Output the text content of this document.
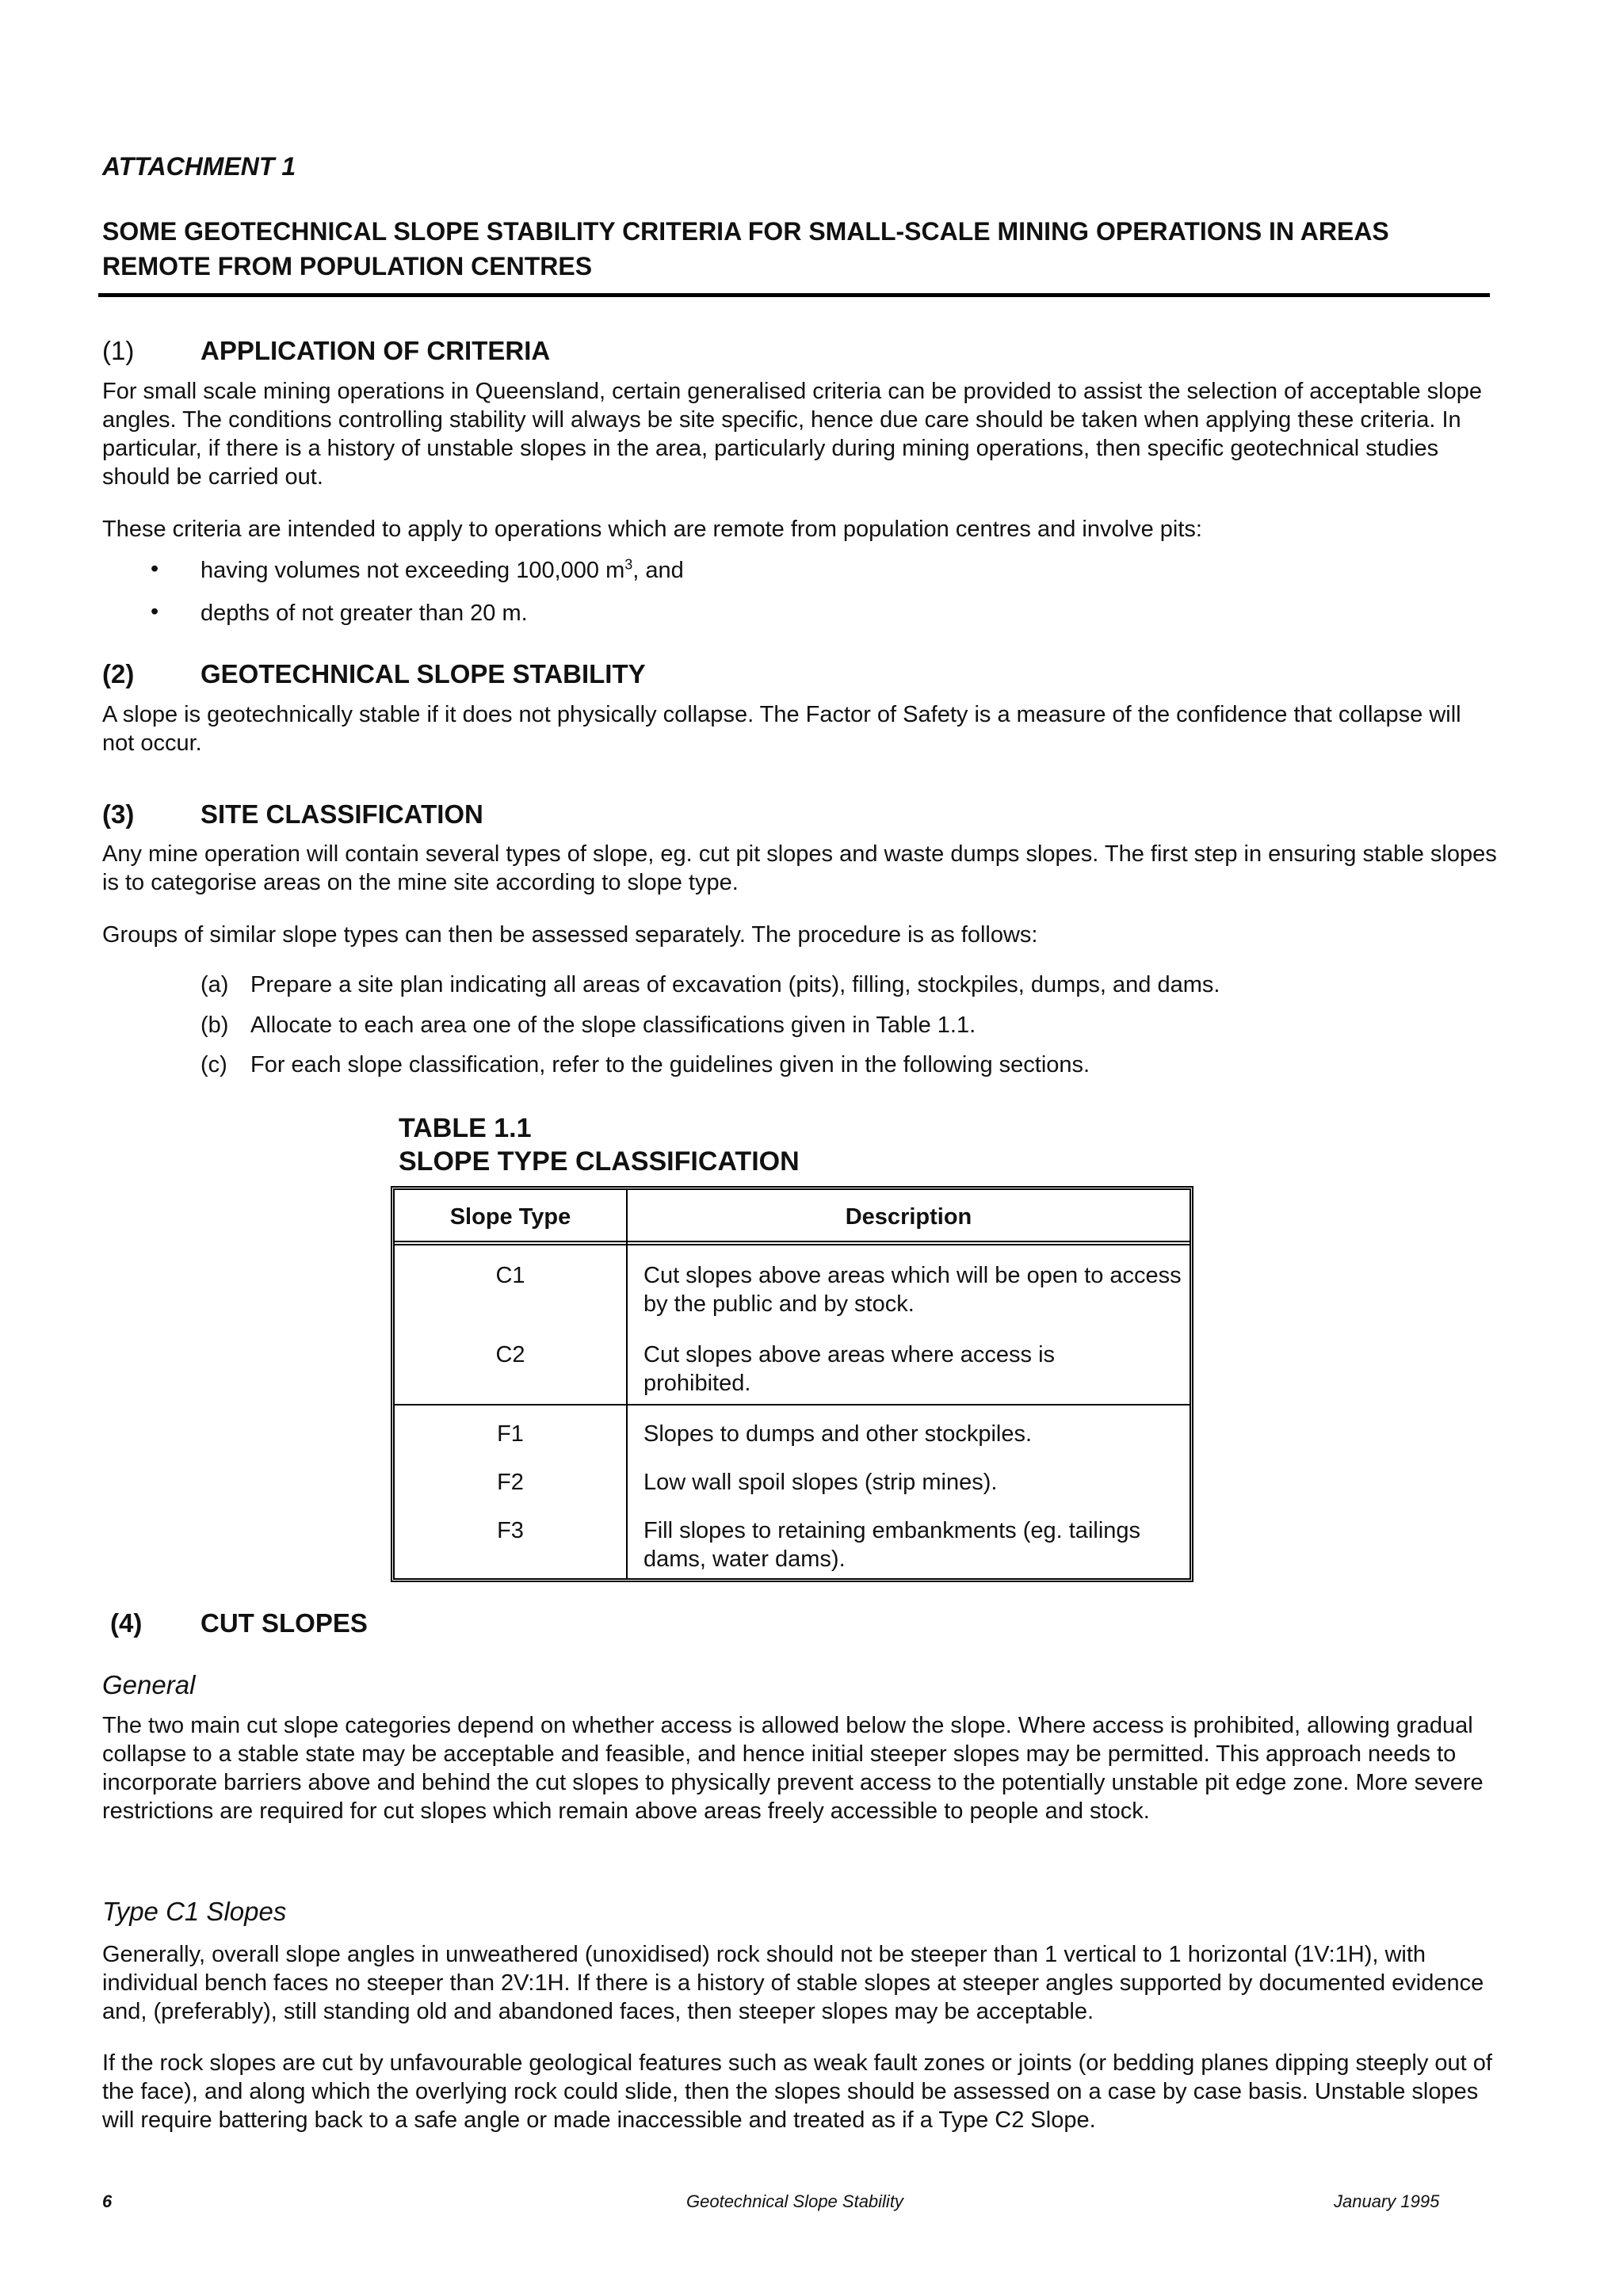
ATTACHMENT 1
SOME GEOTECHNICAL SLOPE STABILITY CRITERIA FOR SMALL-SCALE MINING OPERATIONS IN AREAS REMOTE FROM POPULATION CENTRES
(1)	APPLICATION OF CRITERIA
For small scale mining operations in Queensland, certain generalised criteria can be provided to assist the selection of acceptable slope angles. The conditions controlling stability will always be site specific, hence due care should be taken when applying these criteria. In particular, if there is a history of unstable slopes in the area, particularly during mining operations, then specific geotechnical studies should be carried out.
These criteria are intended to apply to operations which are remote from population centres and involve pits:
• having volumes not exceeding 100,000 $m^3$, and
• depths of not greater than 20 m.
(2)	GEOTECHNICAL SLOPE STABILITY
A slope is geotechnically stable if it does not physically collapse. The Factor of Safety is a measure of the confidence that collapse will not occur.
(3)	SITE CLASSIFICATION
Any mine operation will contain several types of slope, eg. cut pit slopes and waste dumps slopes. The first step in ensuring stable slopes is to categorise areas on the mine site according to slope type.
Groups of similar slope types can then be assessed separately. The procedure is as follows:
(a) Prepare a site plan indicating all areas of excavation (pits), filling, stockpiles, dumps, and dams.
(b) Allocate to each area one of the slope classifications given in Table 1.1.
(c) For each slope classification, refer to the guidelines given in the following sections.
TABLE 1.1
SLOPE TYPE CLASSIFICATION
Slope Type	Description
C1	Cut slopes above areas which will be open to access by the public and by stock.
C2	Cut slopes above areas where access is prohibited.
F1	Slopes to dumps and other stockpiles.
F2	Low wall spoil slopes (strip mines).
F3	Fill slopes to retaining embankments (eg. tailings dams, water dams).
(4) CUT SLOPES
General
The two main cut slope categories depend on whether access is allowed below the slope. Where access is prohibited, allowing gradual collapse to a stable state may be acceptable and feasible, and hence initial steeper slopes may be permitted. This approach needs to incorporate barriers above and behind the cut slopes to physically prevent access to the potentially unstable pit edge zone. More severe restrictions are required for cut slopes which remain above areas freely accessible to people and stock.
Type C1 Slopes
Generally, overall slope angles in unweathered (unoxidised) rock should not be steeper than 1 vertical to 1 horizontal (1V:1H), with individual bench faces no steeper than 2V:1H. If there is a history of stable slopes at steeper angles supported by documented evidence and, (preferably), still standing old and abandoned faces, then steeper slopes may be acceptable.
If the rock slopes are cut by unfavourable geological features such as weak fault zones or joints (or bedding planes dipping steeply out of the face), and along which the overlying rock could slide, then the slopes should be assessed on a case by case basis. Unstable slopes will require battering back to a safe angle or made inaccessible and treated as if a Type C2 Slope.
6	Geotechnical Slope Stability	January 1995
